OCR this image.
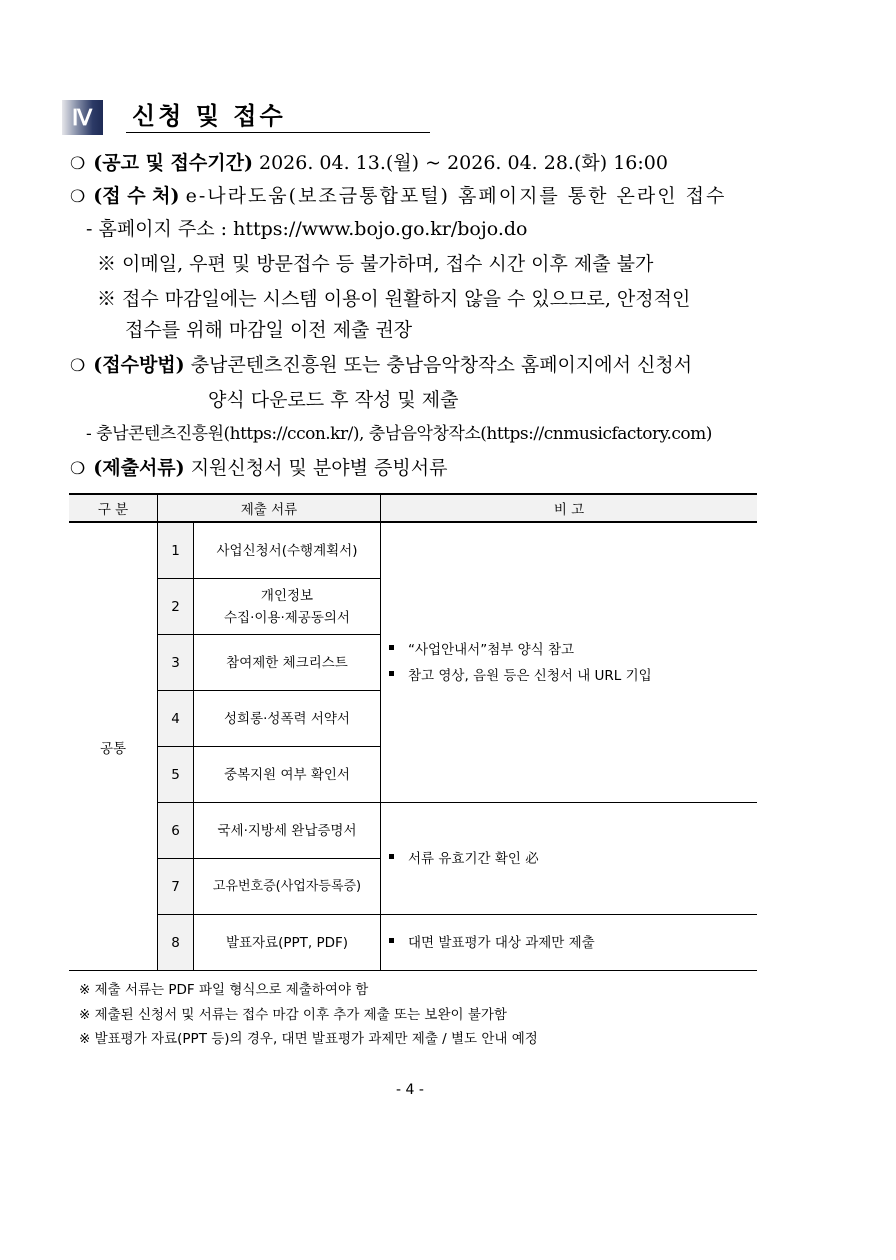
Ⅳ	신청 및 접수
❍ (공고 및 접수기간) 2026. 04. 13.(월) ~ 2026. 04. 28.(화) 16:00
❍ (접 수 처) e-나라도움(보조금통합포털) 홈페이지를 통한 온라인 접수
- 홈페이지 주소 : https://www.bojo.go.kr/bojo.do
※ 이메일, 우편 및 방문접수 등 불가하며, 접수 시간 이후 제출 불가
※ 접수 마감일에는 시스템 이용이 원활하지 않을 수 있으므로, 안정적인
접수를 위해 마감일 이전 제출 권장
❍ (접수방법) 충남콘텐츠진흥원 또는 충남음악창작소 홈페이지에서 신청서
양식 다운로드 후 작성 및 제출
- 충남콘텐츠진흥원(https://ccon.kr/), 충남음악창작소(https://cnmusicfactory.com)
❍ (제출서류) 지원신청서 및 분야별 증빙서류
구 분	제출 서류		비 고
공통	1	사업신청서(수행계획서)	“사업안내서”첨부 양식 참고
참고 영상, 음원 등은 신청서 내 URL 기입

	2	개인정보
수집·이용·제공동의서	

	3	참여제한 체크리스트	
	4	성희롱·성폭력 서약서	
	5	중복지원 여부 확인서	
	6	국세·지방세 완납증명서	서류 유효기간 확인 必

	7	고유번호증(사업자등록증)	
	8	발표자료(PPT, PDF)	대면 발표평가 대상 과제만 제출
※ 제출 서류는 PDF 파일 형식으로 제출하여야 함
※ 제출된 신청서 및 서류는 접수 마감 이후 추가 제출 또는 보완이 불가함
※ 발표평가 자료(PPT 등)의 경우, 대면 발표평가 과제만 제출 / 별도 안내 예정
- 4 -
